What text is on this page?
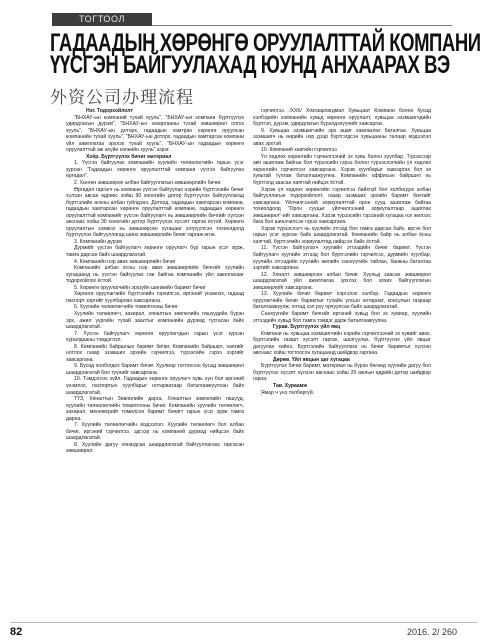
ТОГТООЛ
ГАДААДЫН ХӨРӨНГӨ ОРУУЛАЛТТАЙ КОМПАНИ
ҮҮСГЭН БАЙГУУЛАХАД ЮУНД АНХААРАХ ВЭ
外资公司办理流程

Нэг. Тодорхойлолт

"БНХАУ-ын компаний тухай хууль", "БНХАУ-ын компани бүртгүүлэх удирдлагын дүрэм", "БНХАУ-ын захиргааны тухай зөвшөөрөл олгох хууль", "БНХАУ-ын доторх, гадаадын хамтран хөрөнгө оруулсан компанийн тухай хууль", "БНХАУ-ын доторх, гадаадын хамтарсан компани үйл ажиллагаа эрхлэх тухай хууль", "БНХАУ-ын гадаадын хөрөнгө оруулалттай аж ахуйн нэгжийн хууль" зэрэг.

Хоёр. Бүртгүүлэх бичиг материал

1. Үүсгэн байгуулах компанийн хуулийн төлөөлөгчийн гарын үсэг зурсан "Гадаадын хөрөнгө оруулалттай компани үүсгэн байгуулах өргөдөл".

2. Хөнгөн зөвшөөрөх албан байгууллагын зөвшөөрлийн бичиг.

Өргөдөл гаргагч нь компани үүсгэн байгуулах нэрийн бүртгэлийн бичиг хүлээн авсан өдрөөс хойш 90 хоногийн дотор бүртгүүлэх байгууллагад бүртгэлийн анхны албан гуйлдэнэ. Дотоод, гадаадын хамтарсан компани, гадаадын хамтарсан хөрөнгө оруулалттай компани, гадаадын хөрөнгө оруулалттай компанийг үүсгэн байгуулагч нь зөвшөөрлийн бичгийг хүлээн авснаас хойш 30 хоногийн дотор бүртгүүлэх хүсэлт гаргах ёстой. Хөрөнгө оруулалтын хэмжээ нь зөвшөөрсөн хугацааг хэтрүүлсэн тохиолдолд бүртгүүлэх байгууллагад шинэ зөвшөөрлийн бичиг гаргаж өгнө.

3. Компанийн дүрэм

Дүрмийг үүсгэн байгуулагч хөрөнгө оруулагч бүр гарын үсэг зурж, тамга дарсан байх шаардлагатай.

4. Компанийн нэр авах зөвшөөрлийн бичиг

Компанийн албан ёсны нэр авах зөвшөөрлийн бичгийг хуулийн хугацаанд нь үүсгэн байгуулах гэж байгаа компанийн үйл ажиллагааг тодорхойлох ёстой.

5. Хөрөнгө оруулагчийн эрхзүйн шинжийн баримт бичиг

Хөрөнгө оруулагчийн бүртгэлийн гэрчилгээ, иргэний үнэмлэх, гадаад паспорт зэргийг хуулбарлан хавсаргана.

6. Хуулийн төлөөлөгчийн томилгооны бичиг

Хуулийн төлөөлөгч, захирал, хяналтын зөвлөлийн гишүүдийн бүрэн эрх, ажил үүргийн тухай заалтыг компанийн дүрэмд тусгасан байх шаардлагатай.

7. Үүсгэн байгуулагч хөрөнгө оруулагчдын гарын үсэг зурсан хуралдааны тэмдэглэл.

8. Компанийн байршлын баримт бичиг. Компанийн байршил, хаягийг нотлох газар эзэмших эрхийн гэрчилгээ, түрээсийн гэрээ зэргийг хавсаргана.

9. Бусад холбогдох баримт бичиг. Хуулиар тогтоосон бусад зөвшөөрөл шаардлагатай бол түүнийг хавсаргана.

10. Тэмдэглэх зүйл. Гадаадын хөрөнгө оруулагч хувь хүн бол иргэний үнэмлэх, паспортын хуулбарыг нотариатаар баталгаажуулсан байх шаардлагатай.

ТҮЗ, Хяналтын Зөвлөлийн дарга, Хяналтын зөвлөлийн гишүүд, хуулийн төлөөлөгчийн томилгооны бичиг. Компанийн хуулийн төлөөлөгч, захирал, менежерийг томилсон баримт бичигт гарын үсэг зурж тамга дарна.

7. Хуулийн төлөөлөгчийн мэдээлэл. Хуулийн төлөөлөгч бол албан бичиг, иргэний гэрчилгээ, эдгээр нь компаний дүрмэд нийцсэн байх шаардлагатай.

8. Хуулийн дагуу хянагдсан шаардлагатай байгууллагаас гаргасан зөвшөөрөл.

гэрчилгээ. /ХХК/ Хязгаарлагдмал Хувьцаат Компани болон бусад хэлбэрийн компанийн хувьд хөрөнгө оруулалт, хувьцаа эзэмшигчдийн бүртгэл, дүрэм, удирдлагын бүрэлдэхүүнийг хавсаргах.

9. Хувьцаа эзэмшигчийн эрх ашиг хамгаалах баталгаа. Хувьцаа эзэмшигч нь өөрийн нэр дээр бүртгэгдсэн хувьцааны талаар мэдээлэл авах эрхтэй.

10. Компаний хаягийн гэрчилгээ

Үл хөдлөх хөрөнгийн гэрчилгээний эх хувь болон хуулбар. Түрээсээр авч ашиглаж байгаа бол түрээсийн гэрээ болон түрээслэгчийн үл хөдлөх хөрөнгийн гэрчилгээг хавсаргана. Хэрэв хуулбарыг хавсаргах бол эх хувьтай тулгаж баталгаажуулна. Компанийн оффисын байршил нь бүртгэлд заасан хаягтай нийцэх ёстой.

Хэрэв үл хөдлөх хөрөнгийн гэрчилгээ байхгүй бол холбогдох албан байгууллагын тодорхойлолт, газар эзэмших эрхийн баримт бичгийг хавсаргана. Үйлчилгээний зориулалттай орон сууц ашиглаж байгаа тохиолдолд "Орон сууцыг үйлчилгээний зориулалтаар ашиглах зөвшөөрөл"-ийг хавсаргана. Хэрэв түрээсийн гэрээний хугацаа нэг жилээс бага бол шинэчилсэн гэрээ хавсаргана.

Хэрэв түрээслэгч нь хуулийн этгээд бол тамга дарсан байх, иргэн бол гарын үсэг зурсан байх шаардлагатай. Компанийн байр нь албан ёсны хаягтай, бүртгэлийн зориулалтад нийцсэн байх ёстой.

11. Үүсгэн байгуулагч хуулийн этгээдийн бичиг баримт. Үүсгэн байгуулагч хуулийн этгээд бол бүртгэлийн гэрчилгээ, дүрмийн хуулбар, хуулийн этгээдийн сүүлийн жилийн санхүүгийн тайлан, банкны баталгаа зэргийг хавсаргана.

12. Хяналт зөвшөөрсөн албан бичиг. Хуульд заасан зөвшөөрөл шаардлагатай үйл ажиллагаа эрхлэх бол зохих байгууллагын зөвшөөрлийг хавсаргана.

13. Хуулийн бичиг баримт хэргэлэх хэлбэр. Гадаадын хөрөнгө оруулагчийн бичиг баримтыг тухайн улсын нотариат, консулын газраар баталгаажуулж, хятад хэл рүү орчуулсан байх шаардлагатай.

Санхүүгийн баримт бичгийг иргэний хувьд бол эх хувиар, хуулийн этгээдийн хувьд бол тамга тэмдэг дарж баталгаажуулна.

Гурав. Бүртгүүлэх үйл явц

Компани нь хувьцаа эзэмшигчийн нэрийн гэрчилгээний эх хувийг авах, бүртгэлийн газарт хүсэлт гаргах, шалгуулах, бүртгүүлэх үйл явцыг дагуулан хийнэ. Бүртгэлийн байгууллага нь бичиг баримтыг хүлээн авснаас хойш тогтоосон хугацаанд шийдвэр гаргана.

Дөрөв. Үйл явцын цаг хугацаа

Бүртгүүлэх бичиг баримт, материал нь бүрэн бөгөөд хуулийн дагуу бол бүртгүүлэх хүсэлт хүлээн авснаас хойш 20 ажлын өдрийн дотор шийдвэр гарна.

Тав. Хураамж

Ямар ч үнэ төлбөргүй.

82	2016. 2/ 260
